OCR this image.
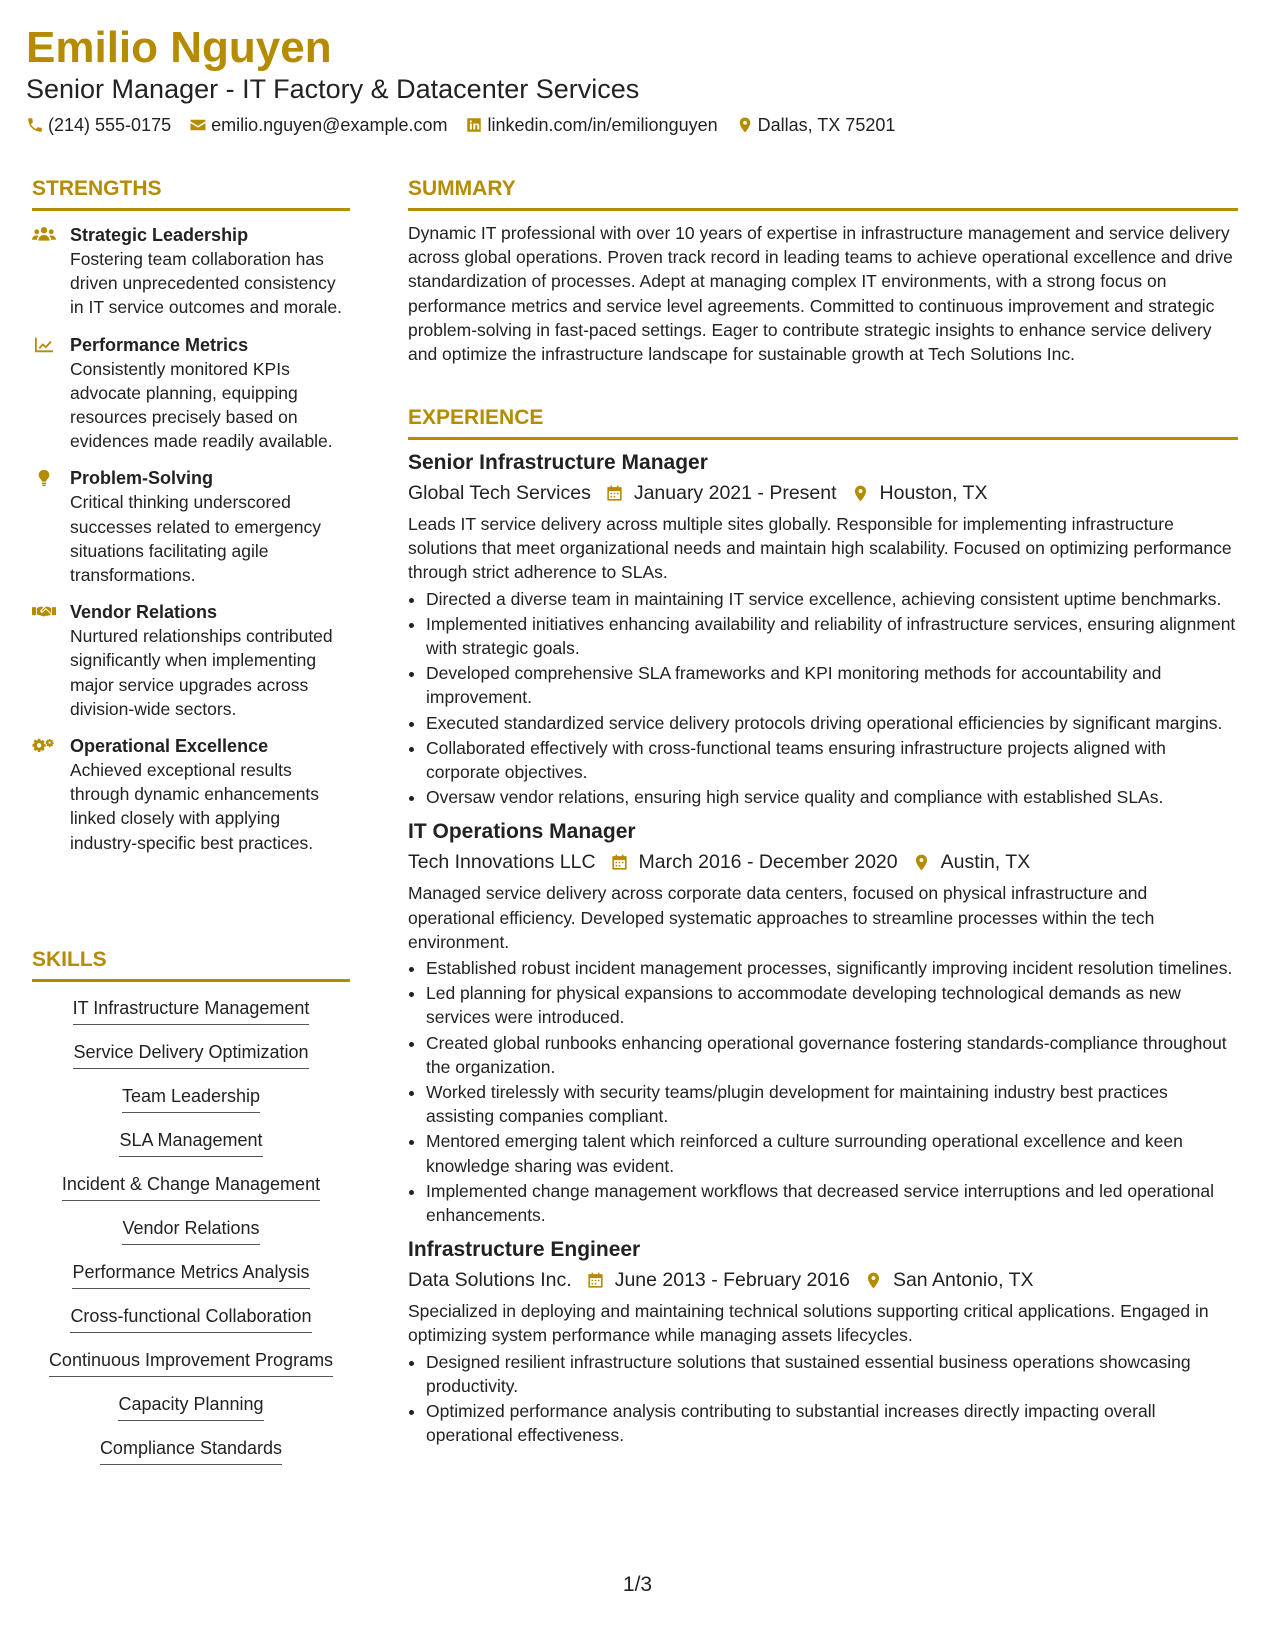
Emilio Nguyen
Senior Manager - IT Factory & Datacenter Services
(214) 555-0175 emilio.nguyen@example.com linkedin.com/in/emilionguyen Dallas, TX 75201
STRENGTHS
Strategic Leadership
Fostering team collaboration has driven unprecedented consistency in IT service outcomes and morale.
Performance Metrics
Consistently monitored KPIs advocate planning, equipping resources precisely based on evidences made readily available.
Problem-Solving
Critical thinking underscored successes related to emergency situations facilitating agile transformations.
Vendor Relations
Nurtured relationships contributed significantly when implementing major service upgrades across division-wide sectors.
Operational Excellence
Achieved exceptional results through dynamic enhancements linked closely with applying industry-specific best practices.
SKILLS
IT Infrastructure Management
Service Delivery Optimization
Team Leadership
SLA Management
Incident & Change Management
Vendor Relations
Performance Metrics Analysis
Cross-functional Collaboration
Continuous Improvement Programs
Capacity Planning
Compliance Standards
SUMMARY

Dynamic IT professional with over 10 years of expertise in infrastructure management and service delivery across global operations. Proven track record in leading teams to achieve operational excellence and drive standardization of processes. Adept at managing complex IT environments, with a strong focus on performance metrics and service level agreements. Committed to continuous improvement and strategic problem-solving in fast-paced settings. Eager to contribute strategic insights to enhance service delivery and optimize the infrastructure landscape for sustainable growth at Tech Solutions Inc.

EXPERIENCE
Senior Infrastructure Manager
Global Tech Services January 2021 - Present Houston, TX

Leads IT service delivery across multiple sites globally. Responsible for implementing infrastructure solutions that meet organizational needs and maintain high scalability. Focused on optimizing performance through strict adherence to SLAs.

• Directed a diverse team in maintaining IT service excellence, achieving consistent uptime benchmarks.
• Implemented initiatives enhancing availability and reliability of infrastructure services, ensuring alignment with strategic goals.
• Developed comprehensive SLA frameworks and KPI monitoring methods for accountability and improvement.
• Executed standardized service delivery protocols driving operational efficiencies by significant margins.
• Collaborated effectively with cross-functional teams ensuring infrastructure projects aligned with corporate objectives.
• Oversaw vendor relations, ensuring high service quality and compliance with established SLAs.
IT Operations Manager
Tech Innovations LLC March 2016 - December 2020 Austin, TX

Managed service delivery across corporate data centers, focused on physical infrastructure and operational efficiency. Developed systematic approaches to streamline processes within the tech environment.

• Established robust incident management processes, significantly improving incident resolution timelines.
• Led planning for physical expansions to accommodate developing technological demands as new services were introduced.
• Created global runbooks enhancing operational governance fostering standards-compliance throughout the organization.
• Worked tirelessly with security teams/plugin development for maintaining industry best practices assisting companies compliant.
• Mentored emerging talent which reinforced a culture surrounding operational excellence and keen knowledge sharing was evident.
• Implemented change management workflows that decreased service interruptions and led operational enhancements.
Infrastructure Engineer
Data Solutions Inc. June 2013 - February 2016 San Antonio, TX

Specialized in deploying and maintaining technical solutions supporting critical applications. Engaged in optimizing system performance while managing assets lifecycles.

• Designed resilient infrastructure solutions that sustained essential business operations showcasing productivity.
• Optimized performance analysis contributing to substantial increases directly impacting overall operational effectiveness.
1/3
